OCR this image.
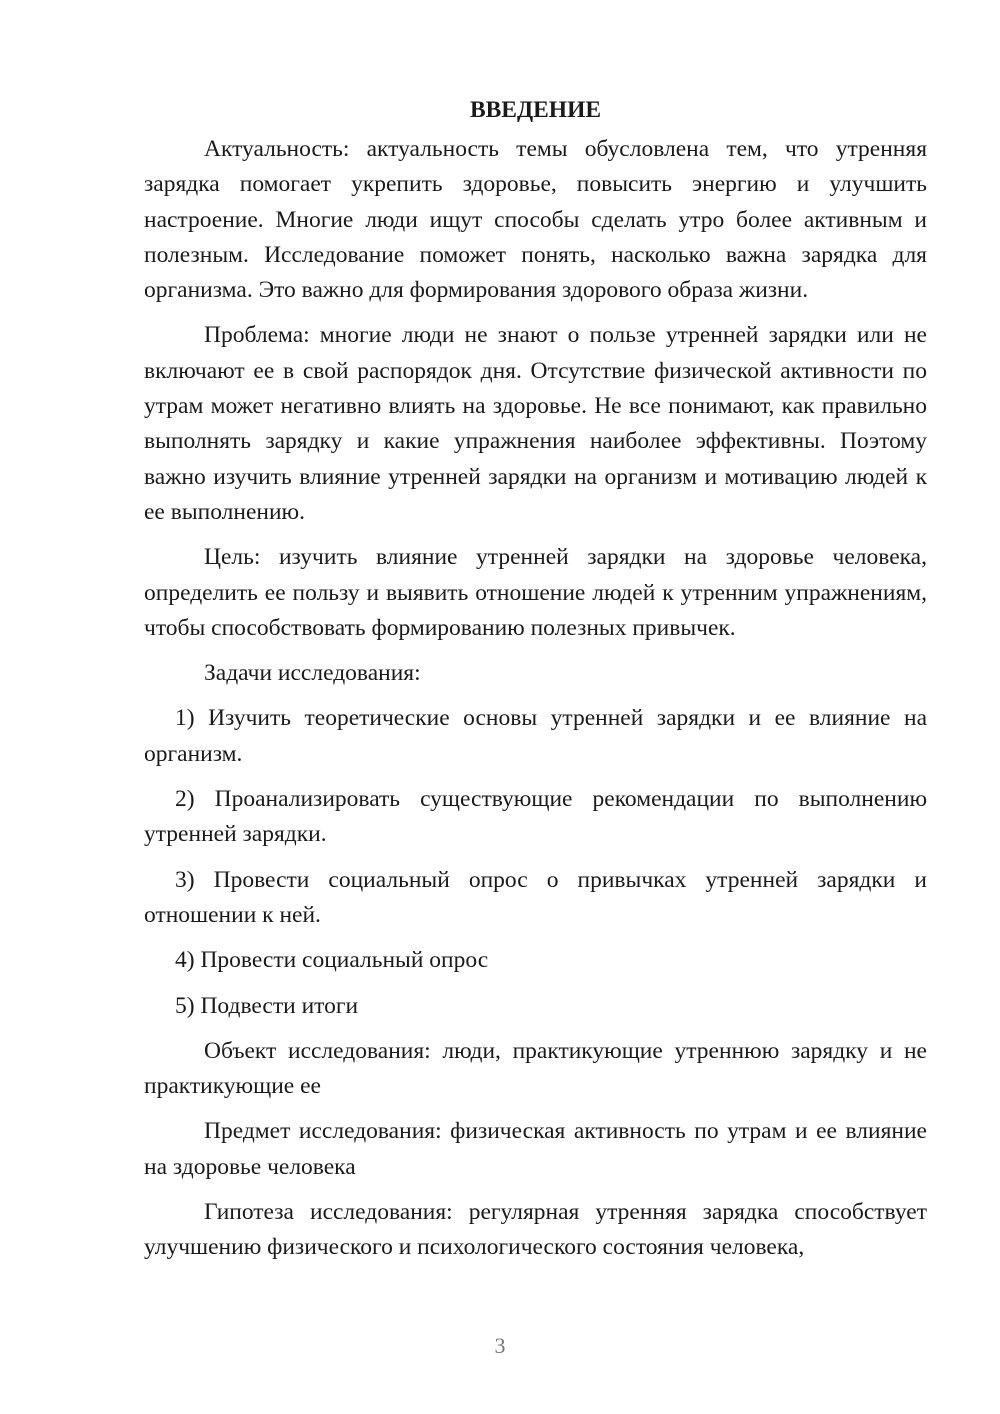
ВВЕДЕНИЕ

Актуальность: актуальность темы обусловлена тем, что утренняя зарядка помогает укрепить здоровье, повысить энергию и улучшить настроение. Многие люди ищут способы сделать утро более активным и полезным. Исследование поможет понять, насколько важна зарядка для организма. Это важно для формирования здорового образа жизни.

Проблема: многие люди не знают о пользе утренней зарядки или не включают ее в свой распорядок дня. Отсутствие физической активности по утрам может негативно влиять на здоровье. Не все понимают, как правильно выполнять зарядку и какие упражнения наиболее эффективны. Поэтому важно изучить влияние утренней зарядки на организм и мотивацию людей к ее выполнению.

Цель: изучить влияние утренней зарядки на здоровье человека, определить ее пользу и выявить отношение людей к утренним упражнениям, чтобы способствовать формированию полезных привычек.

Задачи исследования:

1) Изучить теоретические основы утренней зарядки и ее влияние на организм.

2) Проанализировать существующие рекомендации по выполнению утренней зарядки.

3) Провести социальный опрос о привычках утренней зарядки и отношении к ней.

4) Провести социальный опрос

5) Подвести итоги

Объект исследования: люди, практикующие утреннюю зарядку и не практикующие ее

Предмет исследования: физическая активность по утрам и ее влияние на здоровье человека

Гипотеза исследования: регулярная утренняя зарядка способствует улучшению физического и психологического состояния человека,

3
